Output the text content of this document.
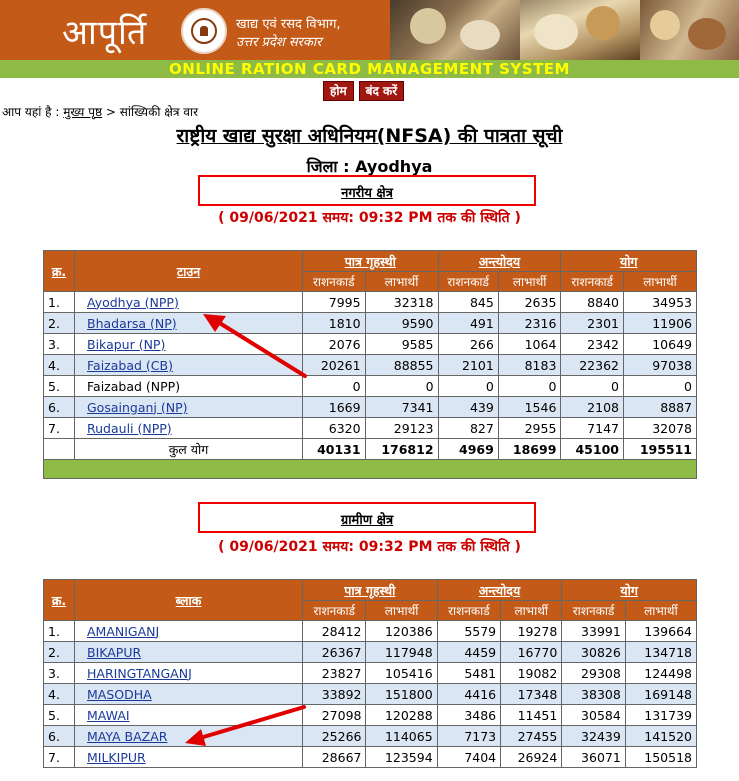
आपूर्ति	खाद्य एवं रसद विभाग,
उत्तर प्रदेश सरकार
ONLINE RATION CARD MANAGEMENT SYSTEM
होम	बंद करें
आप यहां है : मुख्य पृष्ठ > सांख्यिकी क्षेत्र वार
राष्ट्रीय खाद्य सुरक्षा अधिनियम(NFSA) की पात्रता सूची
जिला : Ayodhya
नगरीय क्षेत्र
( 09/06/2021 समय: 09:32 PM तक की स्थिति )
क्र.	टाउन	पात्र गृहस्थी		अन्त्योदय		योग	
		राशनकार्ड	लाभार्थी	राशनकार्ड	लाभार्थी	राशनकार्ड	लाभार्थी
1.	Ayodhya (NPP)	7995	32318	845	2635	8840	34953
2.	Bhadarsa (NP)	1810	9590	491	2316	2301	11906
3.	Bikapur (NP)	2076	9585	266	1064	2342	10649
4.	Faizabad (CB)	20261	88855	2101	8183	22362	97038
5.	Faizabad (NPP)	0	0	0	0	0	0
6.	Gosainganj (NP)	1669	7341	439	1546	2108	8887
7.	Rudauli (NPP)	6320	29123	827	2955	7147	32078
	कुल योग	40131	176812	4969	18699	45100	195511

ग्रामीण क्षेत्र
( 09/06/2021 समय: 09:32 PM तक की स्थिति )
क्र.	ब्लाक	पात्र गृहस्थी		अन्त्योदय		योग	
		राशनकार्ड	लाभार्थी	राशनकार्ड	लाभार्थी	राशनकार्ड	लाभार्थी
1.	AMANIGANJ	28412	120386	5579	19278	33991	139664
2.	BIKAPUR	26367	117948	4459	16770	30826	134718
3.	HARINGTANGANJ	23827	105416	5481	19082	29308	124498
4.	MASODHA	33892	151800	4416	17348	38308	169148
5.	MAWAI	27098	120288	3486	11451	30584	131739
6.	MAYA BAZAR	25266	114065	7173	27455	32439	141520
7.	MILKIPUR	28667	123594	7404	26924	36071	150518
